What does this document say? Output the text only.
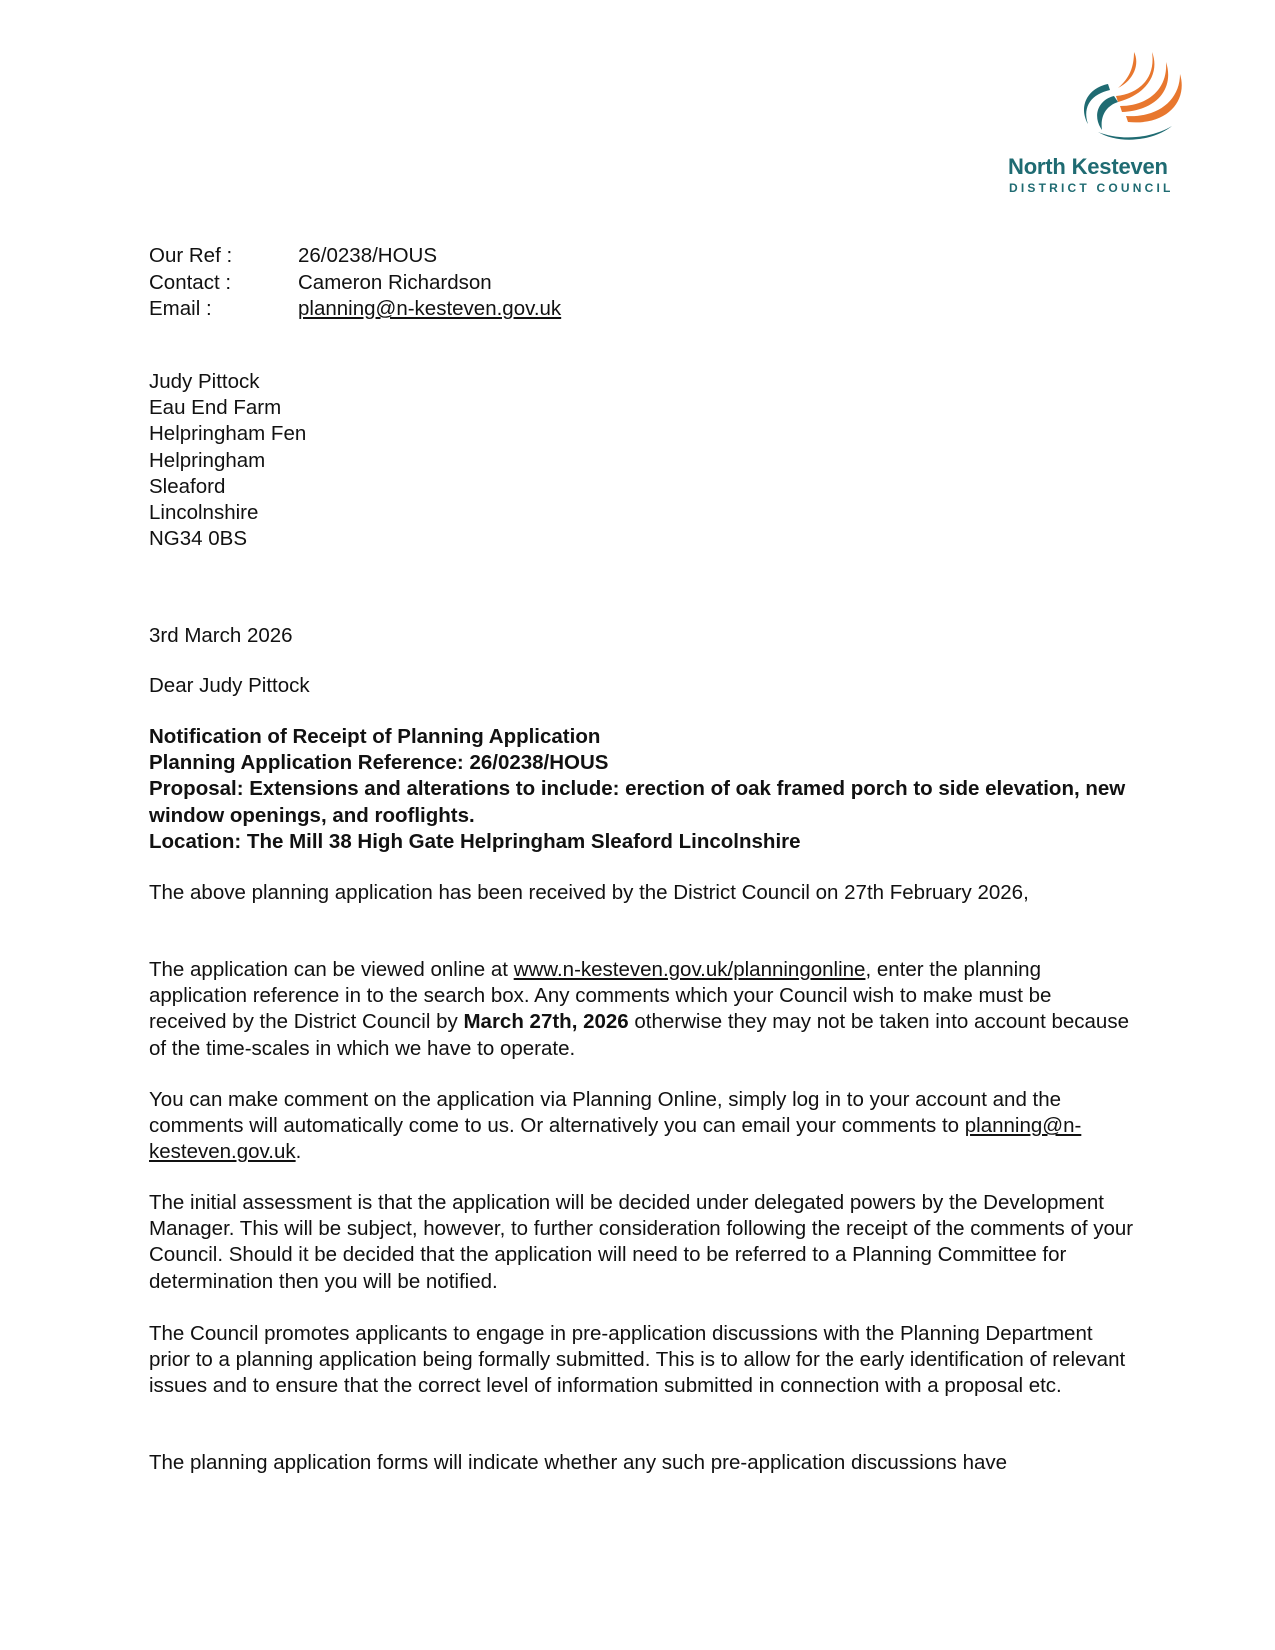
North Kesteven
DISTRICT COUNCIL
Our Ref :	26/0238/HOUS
Contact :	Cameron Richardson
Email :	planning@n-kesteven.gov.uk
Judy Pittock
Eau End Farm
Helpringham Fen
Helpringham
Sleaford
Lincolnshire
NG34 0BS
3rd March 2026
Dear Judy Pittock
Notification of Receipt of Planning Application
Planning Application Reference: 26/0238/HOUS
Proposal: Extensions and alterations to include: erection of oak framed porch to side elevation, new window openings, and rooflights.
Location: The Mill 38 High Gate Helpringham Sleaford Lincolnshire
The above planning application has been received by the District Council on 27th February 2026,
The application can be viewed online at www.n-kesteven.gov.uk/planningonline, enter the planning application reference in to the search box. Any comments which your Council wish to make must be received by the District Council by March 27th, 2026 otherwise they may not be taken into account because of the time-scales in which we have to operate.
You can make comment on the application via Planning Online, simply log in to your account and the comments will automatically come to us. Or alternatively you can email your comments to planning@n-kesteven.gov.uk.
The initial assessment is that the application will be decided under delegated powers by the Development Manager. This will be subject, however, to further consideration following the receipt of the comments of your Council. Should it be decided that the application will need to be referred to a Planning Committee for determination then you will be notified.
The Council promotes applicants to engage in pre-application discussions with the Planning Department prior to a planning application being formally submitted. This is to allow for the early identification of relevant issues and to ensure that the correct level of information submitted in connection with a proposal etc.
The planning application forms will indicate whether any such pre-application discussions have
